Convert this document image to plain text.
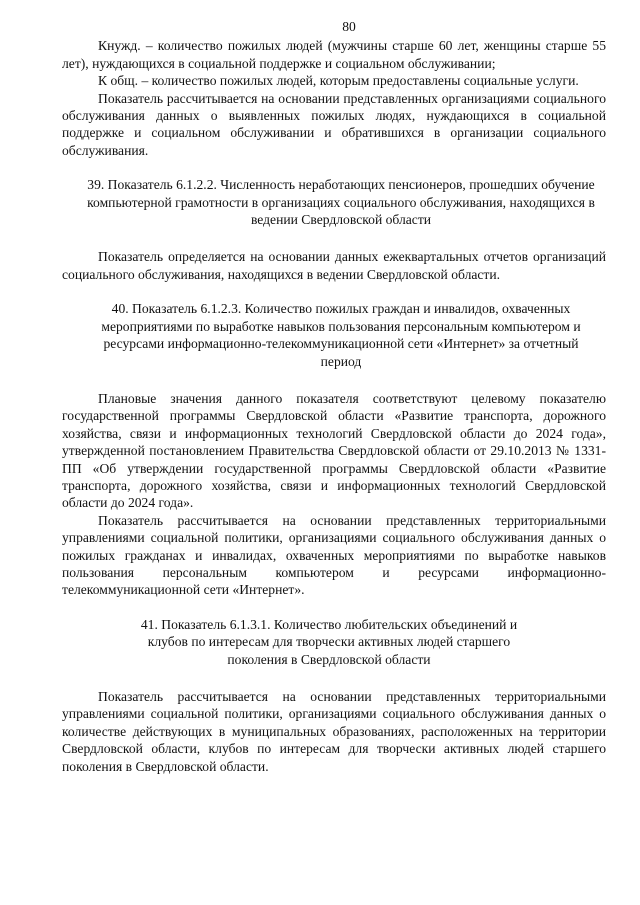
80

Кнужд. – количество пожилых людей (мужчины старше 60 лет, женщины старше 55 лет), нуждающихся в социальной поддержке и социальном обслуживании;

К общ. – количество пожилых людей, которым предоставлены социальные услуги.

Показатель рассчитывается на основании представленных организациями социального обслуживания данных о выявленных пожилых людях, нуждающихся в социальной поддержке и социальном обслуживании и обратившихся в организации социального обслуживания.

39. Показатель 6.1.2.2. Численность неработающих пенсионеров, прошедших обучение компьютерной грамотности в организациях социального обслуживания, находящихся в ведении Свердловской области

Показатель определяется на основании данных ежеквартальных отчетов организаций социального обслуживания, находящихся в ведении Свердловской области.

40. Показатель 6.1.2.3. Количество пожилых граждан и инвалидов, охваченных мероприятиями по выработке навыков пользования персональным компьютером и ресурсами информационно-телекоммуникационной сети «Интернет» за отчетный период

Плановые значения данного показателя соответствуют целевому показателю государственной программы Свердловской области «Развитие транспорта, дорожного хозяйства, связи и информационных технологий Свердловской области до 2024 года», утвержденной постановлением Правительства Свердловской области от 29.10.2013 № 1331-ПП «Об утверждении государственной программы Свердловской области «Развитие транспорта, дорожного хозяйства, связи и информационных технологий Свердловской области до 2024 года».

Показатель рассчитывается на основании представленных территориальными управлениями социальной политики, организациями социального обслуживания данных о пожилых гражданах и инвалидах, охваченных мероприятиями по выработке навыков пользования персональным компьютером и ресурсами информационно-телекоммуникационной сети «Интернет».

41. Показатель 6.1.3.1. Количество любительских объединений и клубов по интересам для творчески активных людей старшего поколения в Свердловской области

Показатель рассчитывается на основании представленных территориальными управлениями социальной политики, организациями социального обслуживания данных о количестве действующих в муниципальных образованиях, расположенных на территории Свердловской области, клубов по интересам для творчески активных людей старшего поколения в Свердловской области.
